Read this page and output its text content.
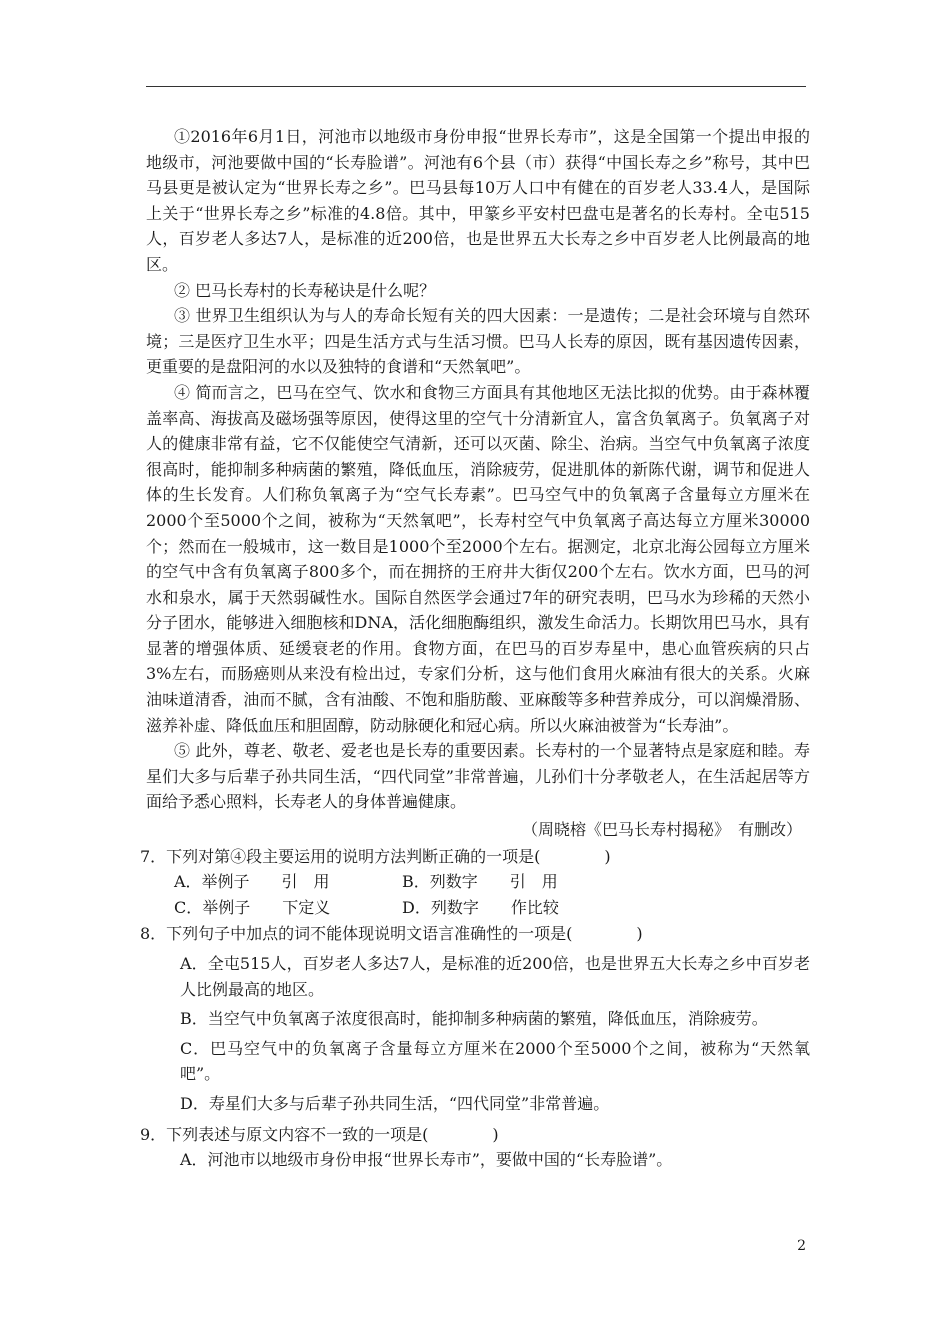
①2016年6月1日，河池市以地级市身份申报“世界长寿市”，这是全国第一个提出申报的地级市，河池要做中国的“长寿脸谱”。河池有6个县（市）获得“中国长寿之乡”称号，其中巴马县更是被认定为“世界长寿之乡”。巴马县每10万人口中有健在的百岁老人33.4人，是国际上关于“世界长寿之乡”标准的4.8倍。其中，甲篆乡平安村巴盘屯是著名的长寿村。全屯515人，百岁老人多达7人，是标准的近200倍，也是世界五大长寿之乡中百岁老人比例最高的地区。

② 巴马长寿村的长寿秘诀是什么呢？

③ 世界卫生组织认为与人的寿命长短有关的四大因素：一是遗传；二是社会环境与自然环境；三是医疗卫生水平；四是生活方式与生活习惯。巴马人长寿的原因，既有基因遗传因素，更重要的是盘阳河的水以及独特的食谱和“天然氧吧”。

④ 简而言之，巴马在空气、饮水和食物三方面具有其他地区无法比拟的优势。由于森林覆盖率高、海拔高及磁场强等原因，使得这里的空气十分清新宜人，富含负氧离子。负氧离子对人的健康非常有益，它不仅能使空气清新，还可以灭菌、除尘、治病。当空气中负氧离子浓度很高时，能抑制多种病菌的繁殖，降低血压，消除疲劳，促进肌体的新陈代谢，调节和促进人体的生长发育。人们称负氧离子为“空气长寿素”。巴马空气中的负氧离子含量每立方厘米在2000个至5000个之间，被称为“天然氧吧”，长寿村空气中负氧离子高达每立方厘米30000个；然而在一般城市，这一数目是1000个至2000个左右。据测定，北京北海公园每立方厘米的空气中含有负氧离子800多个，而在拥挤的王府井大街仅200个左右。饮水方面，巴马的河水和泉水，属于天然弱碱性水。国际自然医学会通过7年的研究表明，巴马水为珍稀的天然小分子团水，能够进入细胞核和DNA，活化细胞酶组织，激发生命活力。长期饮用巴马水，具有显著的增强体质、延缓衰老的作用。食物方面，在巴马的百岁寿星中，患心血管疾病的只占3%左右，而肠癌则从来没有检出过，专家们分析，这与他们食用火麻油有很大的关系。火麻油味道清香，油而不腻，含有油酸、不饱和脂肪酸、亚麻酸等多种营养成分，可以润燥滑肠、滋养补虚、降低血压和胆固醇，防动脉硬化和冠心病。所以火麻油被誉为“长寿油”。

⑤ 此外，尊老、敬老、爱老也是长寿的重要因素。长寿村的一个显著特点是家庭和睦。寿星们大多与后辈子孙共同生活，“四代同堂”非常普遍，儿孙们十分孝敬老人，在生活起居等方面给予悉心照料，长寿老人的身体普遍健康。

（周晓榕《巴马长寿村揭秘》　有删改）

7．下列对第④段主要运用的说明方法判断正确的一项是(　　　　)

A．举例子　　引　用	B．列数字　　引　用
C．举例子　　下定义	D．列数字　　作比较

8．下列句子中加点的词不能体现说明文语言准确性的一项是(　　　　)

A．全屯515人，百岁老人多达7人，是标准的近200倍，也是世界五大长寿之乡中百岁老人比例最高的地区。

B．当空气中负氧离子浓度很高时，能抑制多种病菌的繁殖，降低血压，消除疲劳。

C．巴马空气中的负氧离子含量每立方厘米在2000个至5000个之间，被称为“天然氧吧”。

D．寿星们大多与后辈子孙共同生活，“四代同堂”非常普遍。

9．下列表述与原文内容不一致的一项是(　　　　)

A．河池市以地级市身份申报“世界长寿市”，要做中国的“长寿脸谱”。

2
